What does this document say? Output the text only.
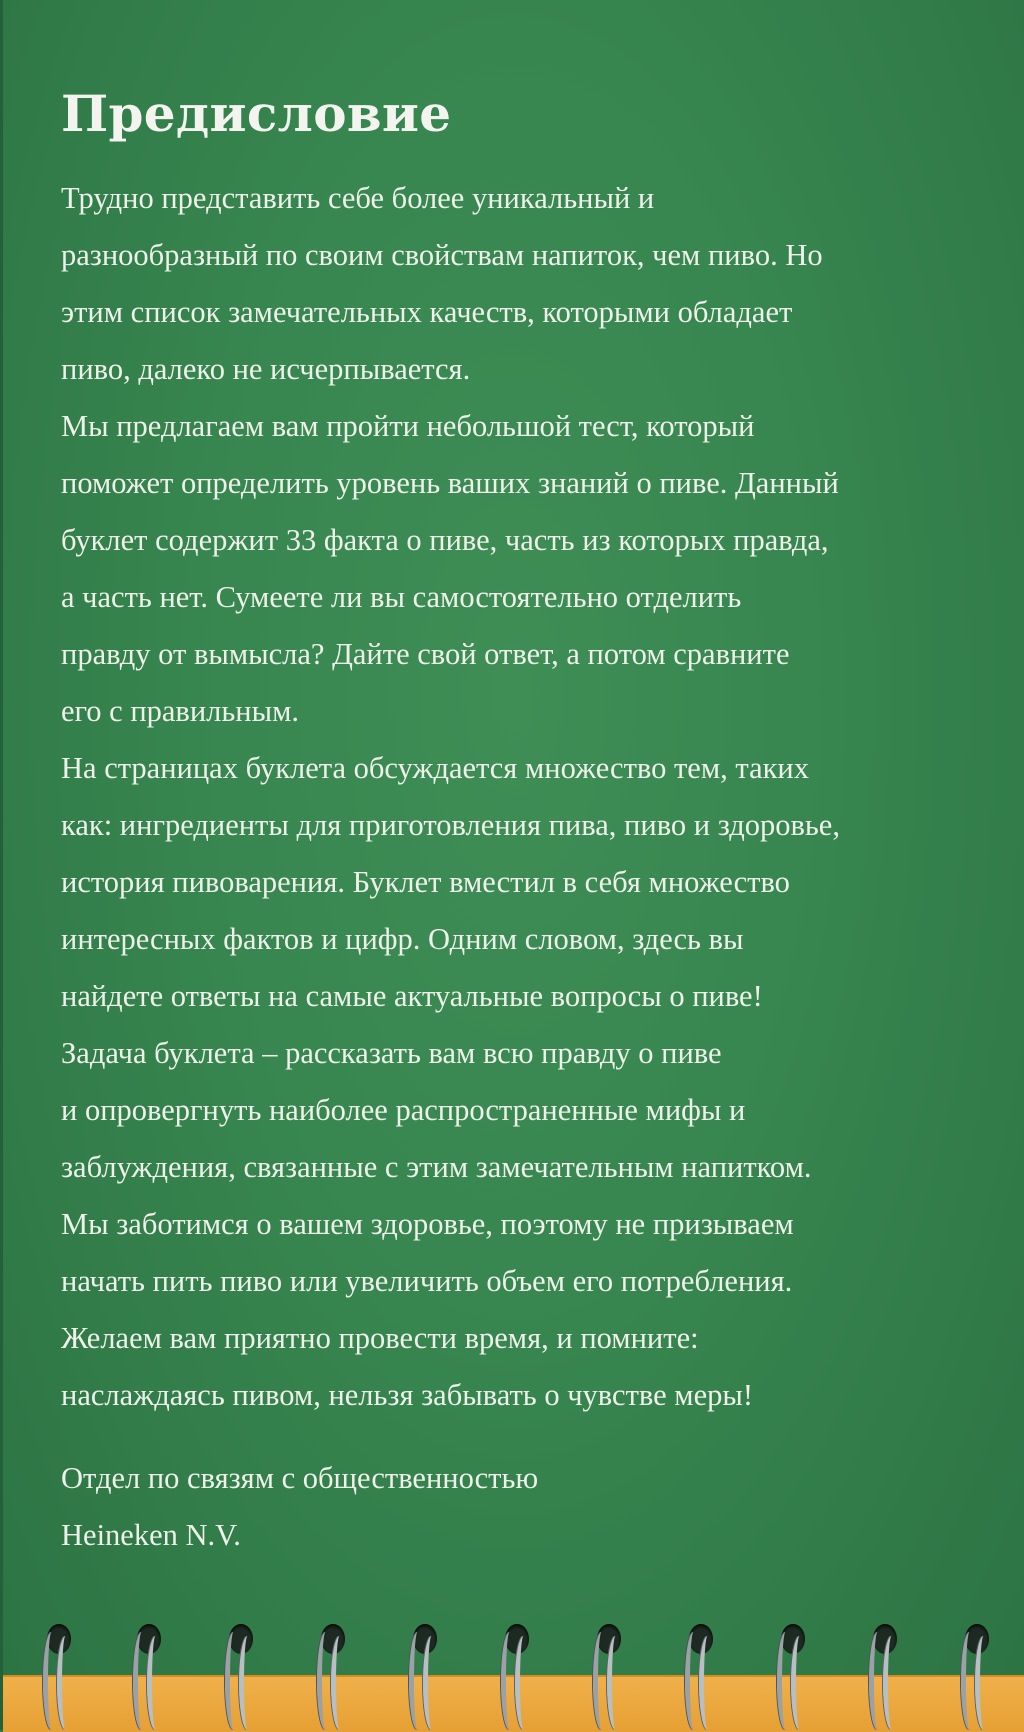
Предисловие

Трудно представить себе более уникальный и

разнообразный по своим свойствам напиток, чем пиво. Но

этим список замечательных качеств, которыми обладает

пиво, далеко не исчерпывается.

Мы предлагаем вам пройти небольшой тест, который

поможет определить уровень ваших знаний о пиве. Данный

буклет содержит 33 факта о пиве, часть из которых правда,

а часть нет. Сумеете ли вы самостоятельно отделить

правду от вымысла? Дайте свой ответ, а потом сравните

его с правильным.

На страницах буклета обсуждается множество тем, таких

как: ингредиенты для приготовления пива, пиво и здоровье,

история пивоварения. Буклет вместил в себя множество

интересных фактов и цифр. Одним словом, здесь вы

найдете ответы на самые актуальные вопросы о пиве!

Задача буклета – рассказать вам всю правду о пиве

и опровергнуть наиболее распространенные мифы и

заблуждения, связанные с этим замечательным напитком.

Мы заботимся о вашем здоровье, поэтому не призываем

начать пить пиво или увеличить объем его потребления.

Желаем вам приятно провести время, и помните:

наслаждаясь пивом, нельзя забывать о чувстве меры!

Отдел по связям с общественностью

Heineken N.V.
